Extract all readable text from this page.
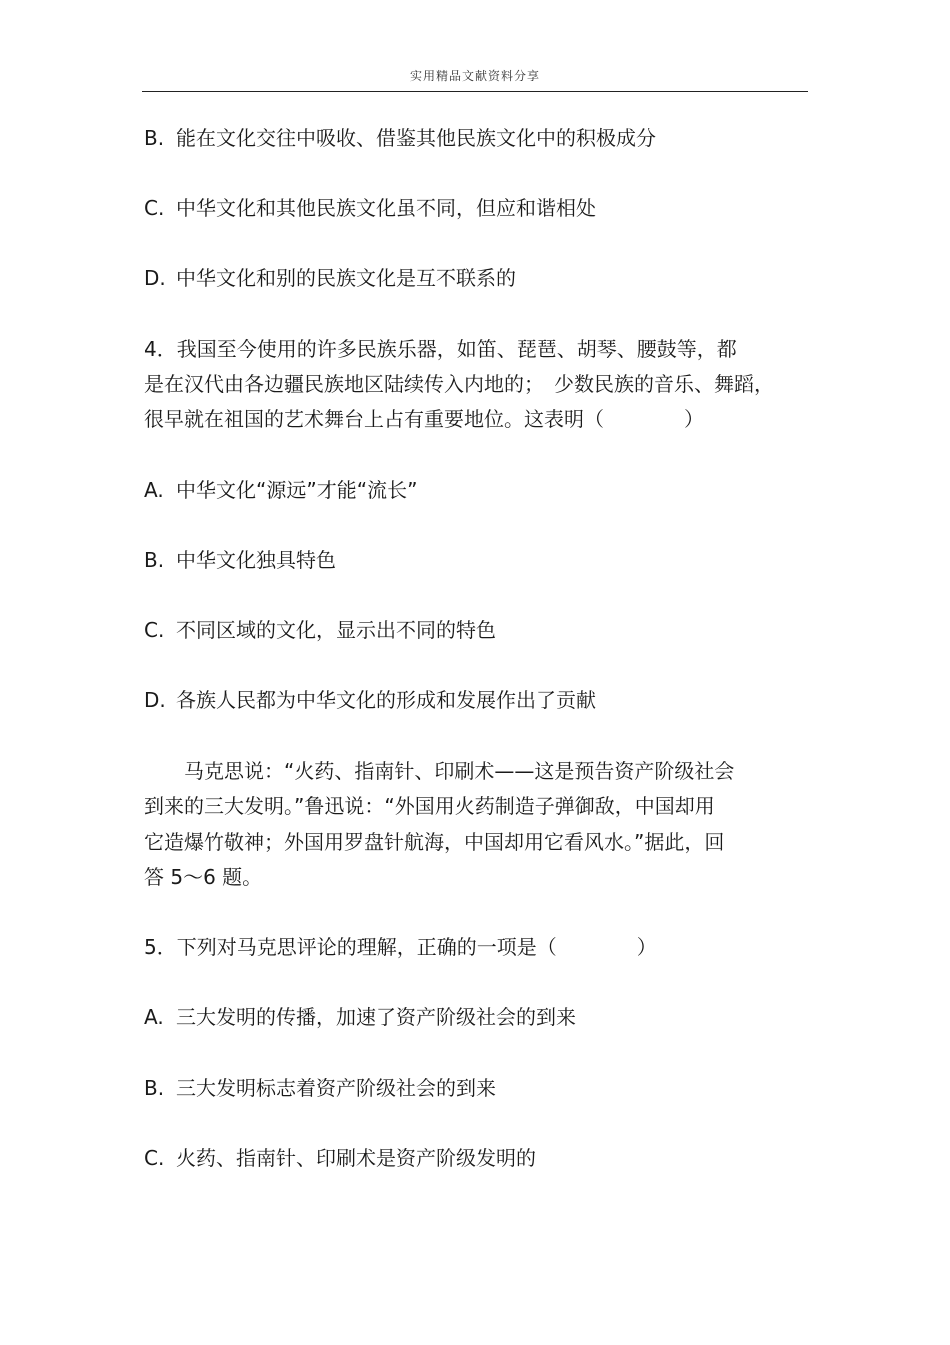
实用精品文献资料分享
B. 能在文化交往中吸收、借鉴其他民族文化中的积极成分
C. 中华文化和其他民族文化虽不同，但应和谐相处
D. 中华文化和别的民族文化是互不联系的
4．我国至今使用的许多民族乐器，如笛、琵琶、胡琴、腰鼓等，都
是在汉代由各边疆民族地区陆续传入内地的；　少数民族的音乐、舞蹈，
很早就在祖国的艺术舞台上占有重要地位。这表明（　　　　）
A. 中华文化“源远”才能“流长”
B. 中华文化独具特色
C. 不同区域的文化，显示出不同的特色
D. 各族人民都为中华文化的形成和发展作出了贡献
　　马克思说：“火药、指南针、印刷术——这是预告资产阶级社会
到来的三大发明。”鲁迅说：“外国用火药制造子弹御敌，中国却用
它造爆竹敬神；外国用罗盘针航海，中国却用它看风水。”据此，回
答 5～6 题。
5．下列对马克思评论的理解，正确的一项是（　　　　）
A. 三大发明的传播，加速了资产阶级社会的到来
B. 三大发明标志着资产阶级社会的到来
C. 火药、指南针、印刷术是资产阶级发明的
